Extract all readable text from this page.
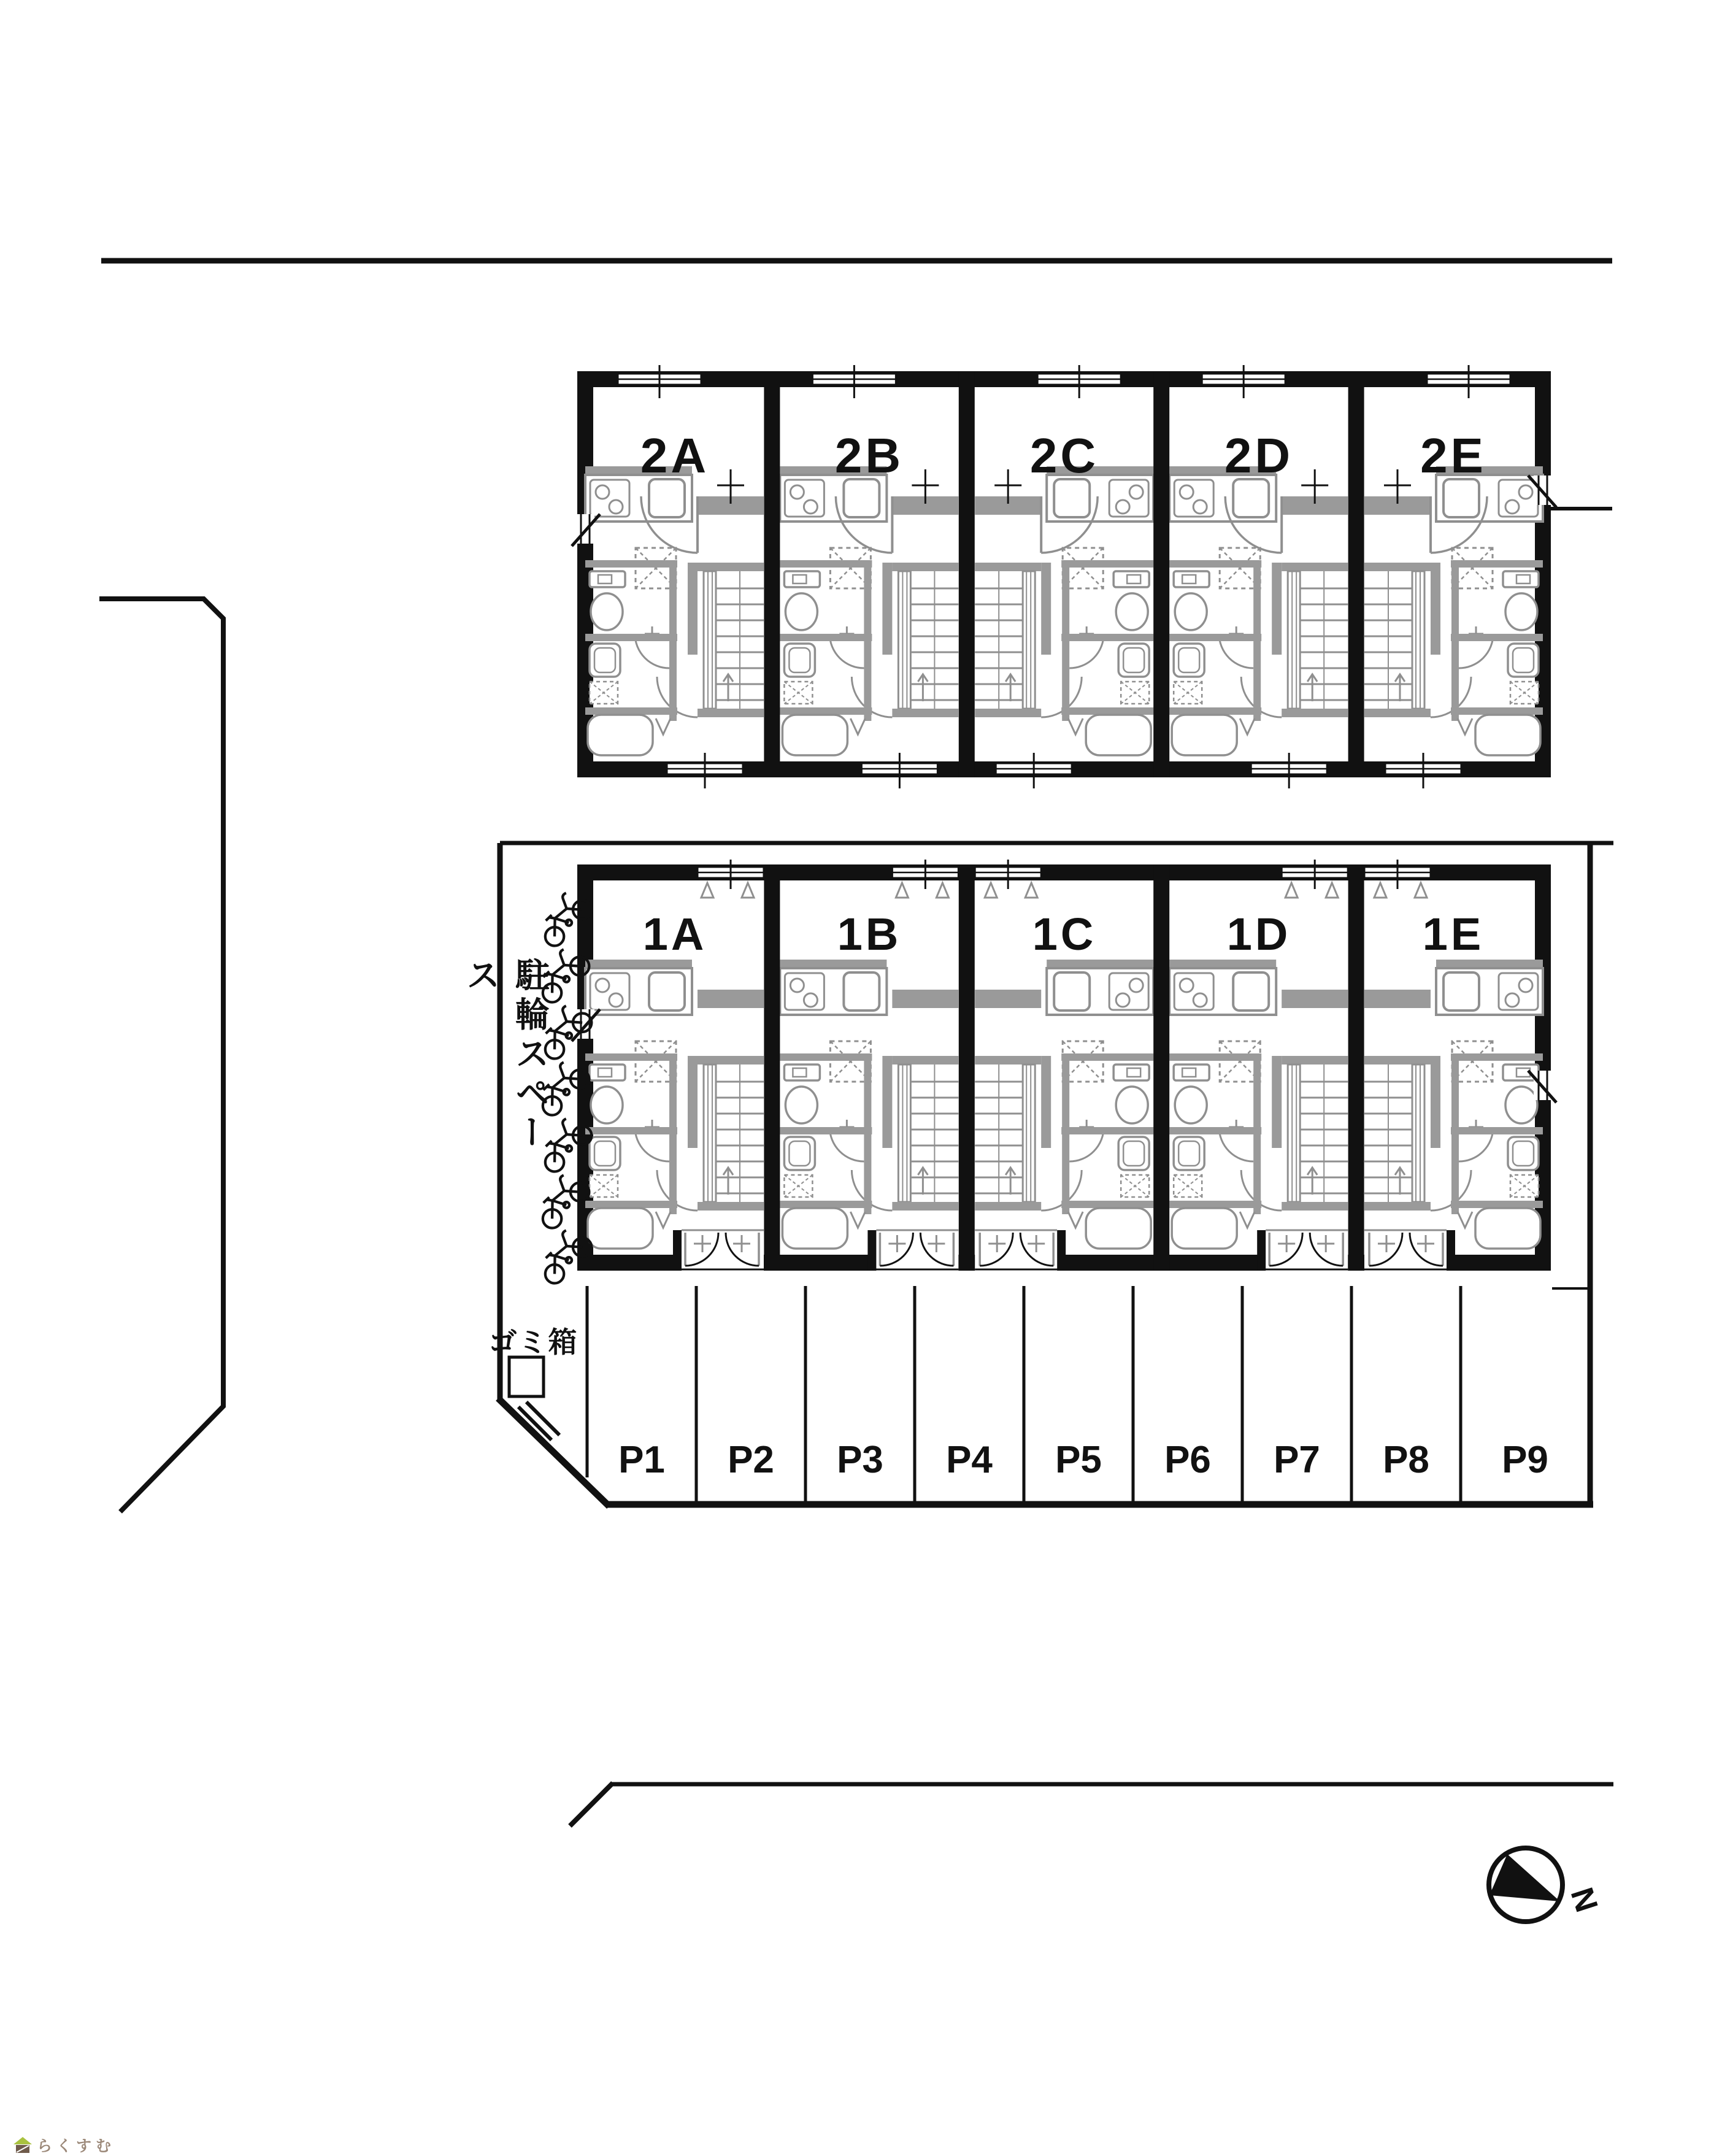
N
2A	2B	2C	2D	2E
1A	1B	1C	1D	1E
P1 P2 P3 P4 P5 P6 P7 P8 P9
ゴミ箱
駐輪スペース
らくすむ
